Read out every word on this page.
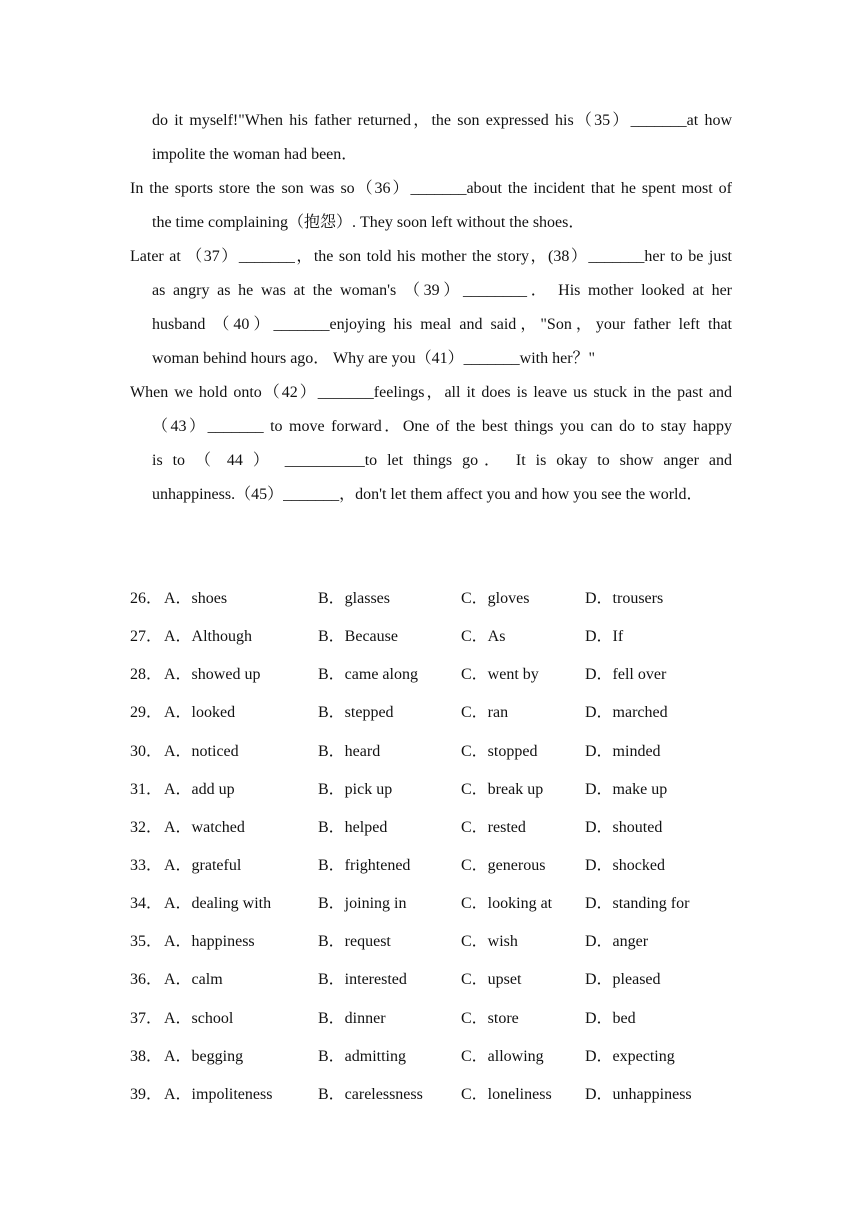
do it myself!"When his father returned，the son expressed his（35）_______at how
impolite the woman had been．
In the sports store the son was so（36）_______about the incident that he spent most of
the time complaining（抱怨）. They soon left without the shoes．
Later at （37）_______，the son told his mother the story，(38）_______her to be just
as angry as he was at the woman's （39）________． His mother looked at her
husband （40）_______enjoying his meal and said，"Son，your father left that
woman behind hours ago． Why are you（41）_______with her？"
When we hold onto（42）_______feelings，all it does is leave us stuck in the past and
（43）_______ to move forward．One of the best things you can do to stay happy
is to （ 44 ） __________to let things go． It is okay to show anger and
unhappiness.（45）_______，don't let them affect you and how you see the world．
26． A．shoes	B．glasses	C．gloves	D．trousers
27． A．Although	B．Because	C．As	D．If
28． A．showed up	B．came along	C．went by	D．fell over
29． A．looked	B．stepped	C．ran	D．marched
30． A．noticed	B．heard	C．stopped	D．minded
31． A．add up	B．pick up	C．break up	D．make up
32． A．watched	B．helped	C．rested	D．shouted
33． A．grateful	B．frightened	C．generous D．shocked
34． A．dealing with	B．joining in	C．looking at D．standing for
35． A．happiness	B．request	C．wish	D．anger
36． A．calm	B．interested	C．upset	D．pleased
37． A．school	B．dinner	C．store	D．bed
38． A．begging	B．admitting	C．allowing	D．expecting
39． A．impoliteness	B．carelessness C．loneliness D．unhappiness
